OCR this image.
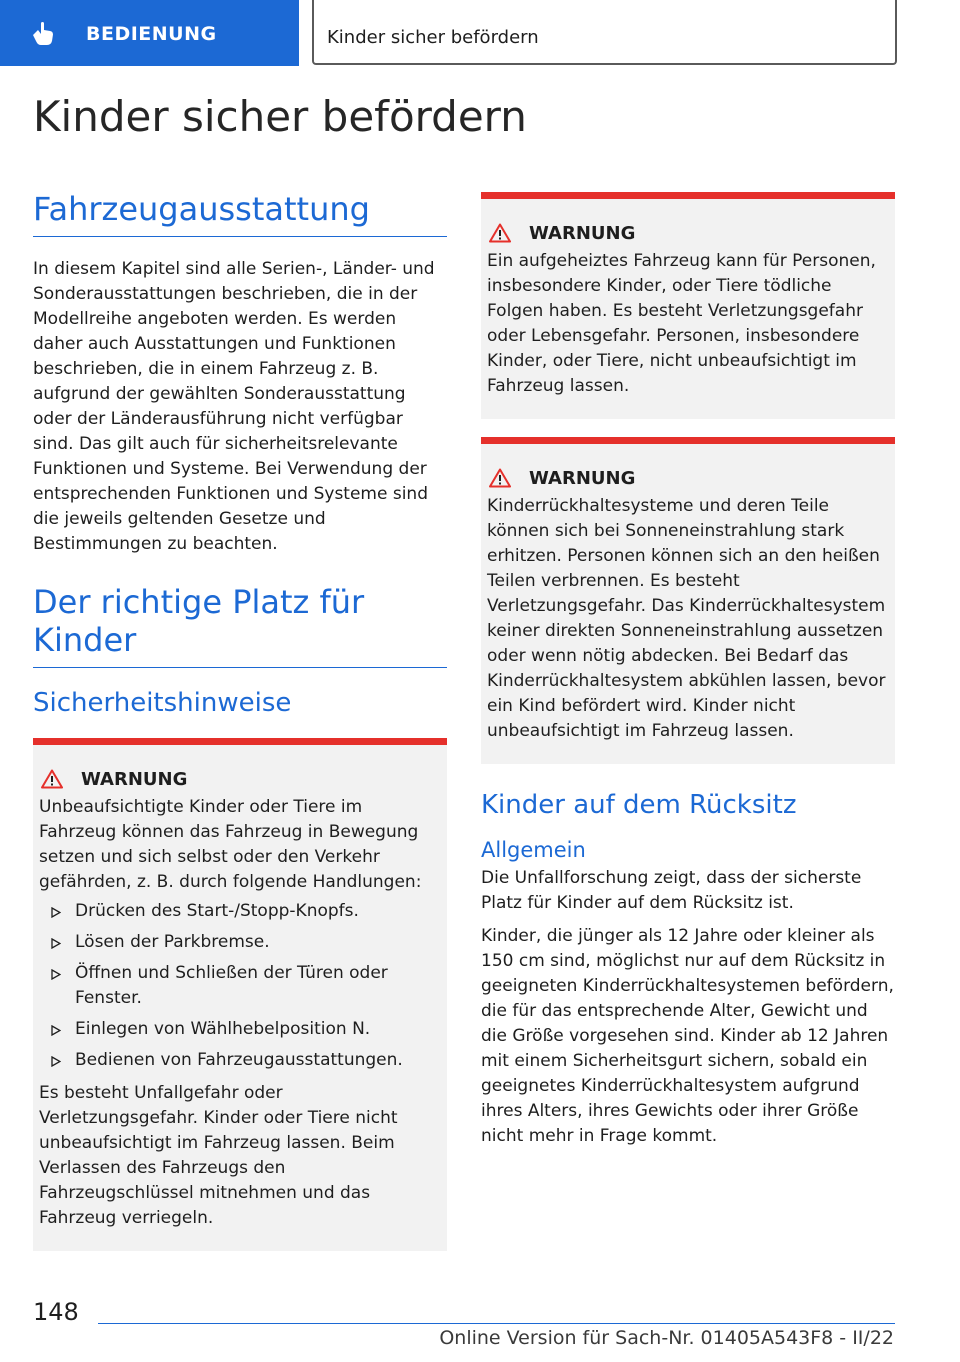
BEDIENUNG	Kinder sicher befördern
Kinder sicher befördern
Fahrzeugausstattung

In diesem Kapitel sind alle Serien-, Länder- und Sonderausstattungen beschrieben, die in der Modellreihe angeboten werden. Es werden daher auch Ausstattungen und Funktionen beschrieben, die in einem Fahrzeug z. B. aufgrund der gewählten Sonderausstattung oder der Länderausführung nicht verfügbar sind. Das gilt auch für sicherheitsrelevante Funktionen und Systeme. Bei Verwendung der entsprechenden Funktionen und Systeme sind die jeweils geltenden Gesetze und Bestimmungen zu beachten.

Der richtige Platz für Kinder
Sicherheitshinweise
WARNUNG

Unbeaufsichtigte Kinder oder Tiere im Fahrzeug können das Fahrzeug in Bewegung setzen und sich selbst oder den Verkehr gefährden, z. B. durch folgende Handlungen:

Drücken des Start-/Stopp-Knopfs.
Lösen der Parkbremse.
Öffnen und Schließen der Türen oder Fenster.
Einlegen von Wählhebelposition N.
Bedienen von Fahrzeugausstattungen.

Es besteht Unfallgefahr oder Verletzungsgefahr. Kinder oder Tiere nicht unbeaufsichtigt im Fahrzeug lassen. Beim Verlassen des Fahrzeugs den Fahrzeugschlüssel mitnehmen und das Fahrzeug verriegeln.

WARNUNG

Ein aufgeheiztes Fahrzeug kann für Personen, insbesondere Kinder, oder Tiere tödliche Folgen haben. Es besteht Verletzungsgefahr oder Lebensgefahr. Personen, insbesondere Kinder, oder Tiere, nicht unbeaufsichtigt im Fahrzeug lassen.

WARNUNG

Kinderrückhaltesysteme und deren Teile können sich bei Sonneneinstrahlung stark erhitzen. Personen können sich an den heißen Teilen verbrennen. Es besteht Verletzungsgefahr. Das Kinderrückhaltesystem keiner direkten Sonneneinstrahlung aussetzen oder wenn nötig abdecken. Bei Bedarf das Kinderrückhaltesystem abkühlen lassen, bevor ein Kind befördert wird. Kinder nicht unbeaufsichtigt im Fahrzeug lassen.

Kinder auf dem Rücksitz
Allgemein

Die Unfallforschung zeigt, dass der sicherste Platz für Kinder auf dem Rücksitz ist.

Kinder, die jünger als 12 Jahre oder kleiner als 150 cm sind, möglichst nur auf dem Rücksitz in geeigneten Kinderrückhaltesystemen befördern, die für das entsprechende Alter, Gewicht und die Größe vorgesehen sind. Kinder ab 12 Jahren mit einem Sicherheitsgurt sichern, sobald ein geeignetes Kinderrückhaltesystem aufgrund ihres Alters, ihres Gewichts oder ihrer Größe nicht mehr in Frage kommt.

148
Online Version für Sach-Nr. 01405A543F8 - II/22
